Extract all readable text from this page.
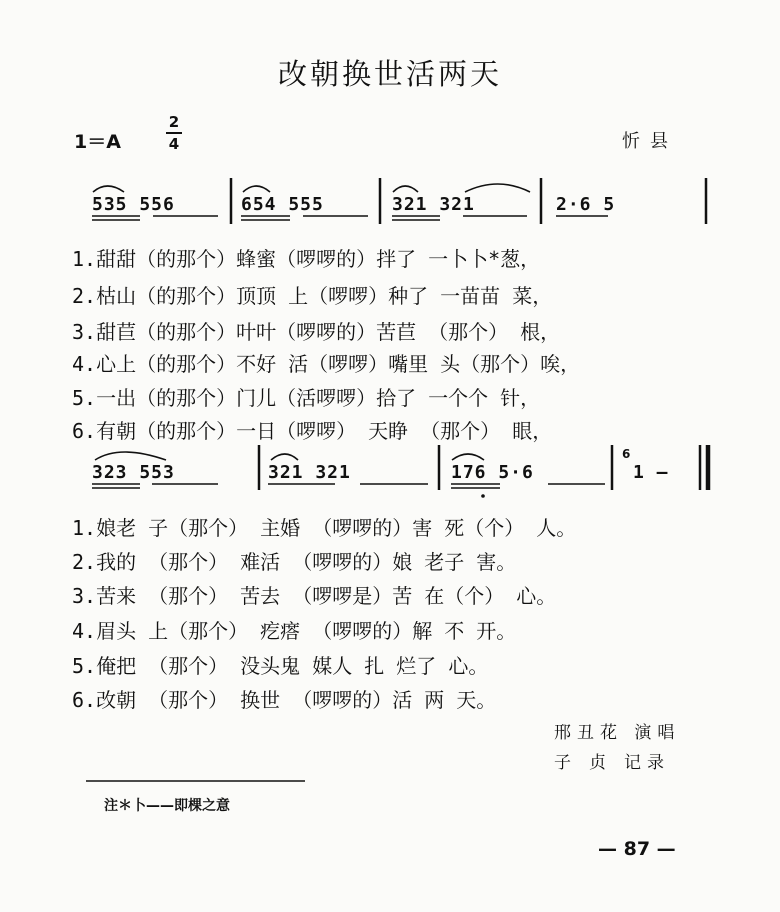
改朝换世活两天
1＝A
2
4	忻县
535 556	654 555	321 321	2·6 5
1.甜甜（的那个）蜂蜜（啰啰的）拌了 一卜卜*葱，
2.枯山（的那个）顶顶 上（啰啰）种了 一苗苗 菜，
3.甜苣（的那个）叶叶（啰啰的）苦苣 （那个） 根，
4.心上（的那个）不好 活（啰啰）嘴里 头（那个）唉，
5.一出（的那个）门儿（活啰啰）拾了 一个个 针，
6.有朝（的那个）一日（啰啰） 天睁 （那个） 眼，
323 553	321 321	176 5·6
6
1 —
1.娘老 子（那个） 主婚 （啰啰的）害 死（个） 人。
2.我的 （那个） 难活 （啰啰的）娘 老子 害。
3.苦来 （那个） 苦去 （啰啰是）苦 在（个） 心。
4.眉头 上（那个） 疙瘩 （啰啰的）解 不 开。
5.俺把 （那个） 没头鬼 媒人 扎 烂了 心。
6.改朝 （那个） 换世 （啰啰的）活 两 天。
邢丑花 演唱
子贞记录
注＊卜——即棵之意
— 87 —
